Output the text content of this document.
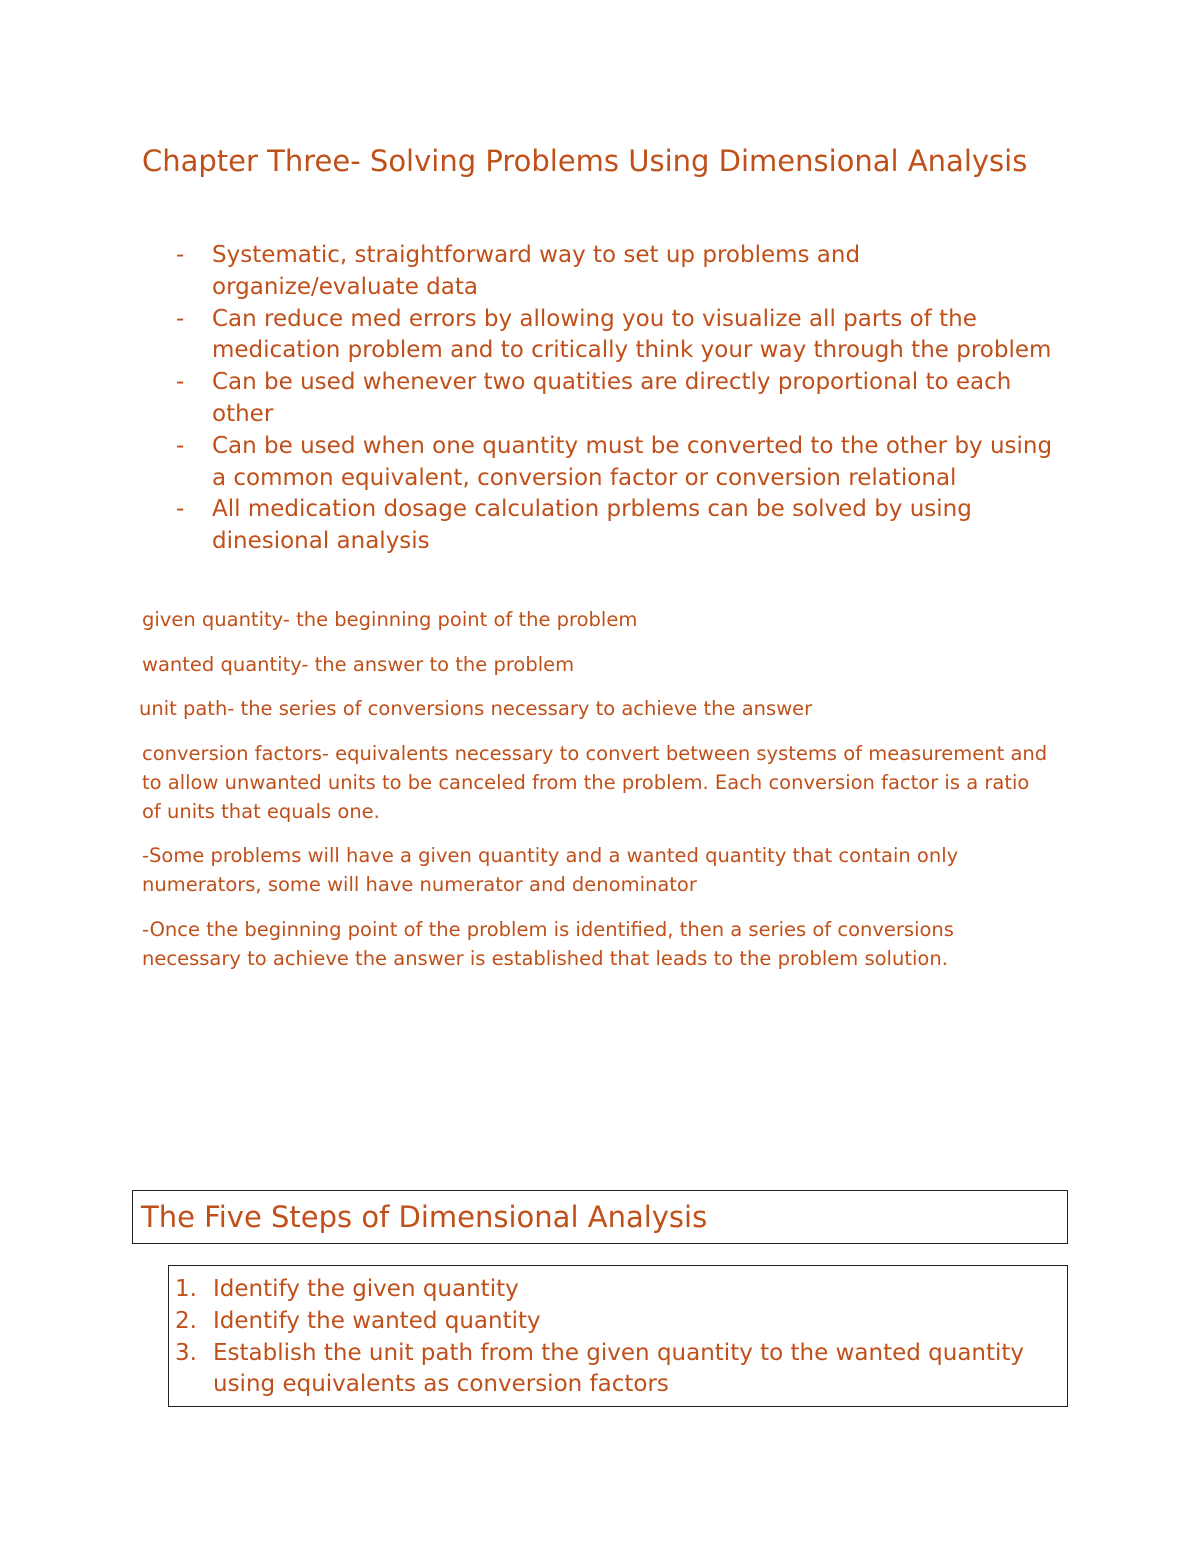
Chapter Three- Solving Problems Using Dimensional Analysis
- Systematic, straightforward way to set up problems and organize/evaluate data
- Can reduce med errors by allowing you to visualize all parts of the medication problem and to critically think your way through the problem
- Can be used whenever two quatities are directly proportional to each other
- Can be used when one quantity must be converted to the other by using a common equivalent, conversion factor or conversion relational
- All medication dosage calculation prblems can be solved by using dinesional analysis

given quantity- the beginning point of the problem

wanted quantity- the answer to the problem

unit path- the series of conversions necessary to achieve the answer

conversion factors- equivalents necessary to convert between systems of measurement and to allow unwanted units to be canceled from the problem. Each conversion factor is a ratio of units that equals one.

-Some problems will have a given quantity and a wanted quantity that contain only numerators, some will have numerator and denominator

-Once the beginning point of the problem is identified, then a series of conversions necessary to achieve the answer is established that leads to the problem solution.

The Five Steps of Dimensional Analysis
1. Identify the given quantity
2. Identify the wanted quantity
3. Establish the unit path from the given quantity to the wanted quantity using equivalents as conversion factors
